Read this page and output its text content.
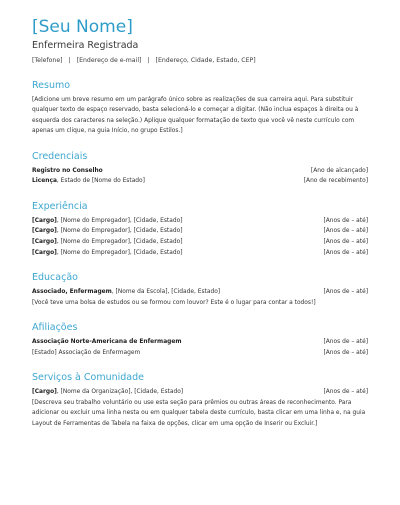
[Seu Nome]
Enfermeira Registrada
[Telefone] | [Endereço de e-mail] | [Endereço, Cidade, Estado, CEP]
Resumo
[Adicione um breve resumo em um parágrafo único sobre as realizações de sua carreira aqui. Para substituir qualquer texto de espaço reservado, basta selecioná-lo e começar a digitar. (Não inclua espaços à direita ou à esquerda dos caracteres na seleção.) Aplique qualquer formatação de texto que você vê neste currículo com apenas um clique, na guia Início, no grupo Estilos.]
Credenciais
Registro no Conselho	[Ano de alcançado]
Licença, Estado de [Nome do Estado]	[Ano de recebimento]
Experiência
[Cargo], [Nome do Empregador], [Cidade, Estado]	[Anos de – até]
[Cargo], [Nome do Empregador], [Cidade, Estado]	[Anos de – até]
[Cargo], [Nome do Empregador], [Cidade, Estado]	[Anos de – até]
[Cargo], [Nome do Empregador], [Cidade, Estado]	[Anos de – até]
Educação
Associado, Enfermagem, [Nome da Escola], [Cidade, Estado]	[Anos de – até]
[Você teve uma bolsa de estudos ou se formou com louvor? Este é o lugar para contar a todos!]
Afiliações
Associação Norte-Americana de Enfermagem	[Anos de – até]
[Estado] Associação de Enfermagem	[Anos de – até]
Serviços à Comunidade
[Cargo], [Nome da Organização], [Cidade, Estado]	[Anos de – até]
[Descreva seu trabalho voluntário ou use esta seção para prêmios ou outras áreas de reconhecimento. Para adicionar ou excluir uma linha nesta ou em qualquer tabela deste currículo, basta clicar em uma linha e, na guia Layout de Ferramentas de Tabela na faixa de opções, clicar em uma opção de Inserir ou Excluir.]
